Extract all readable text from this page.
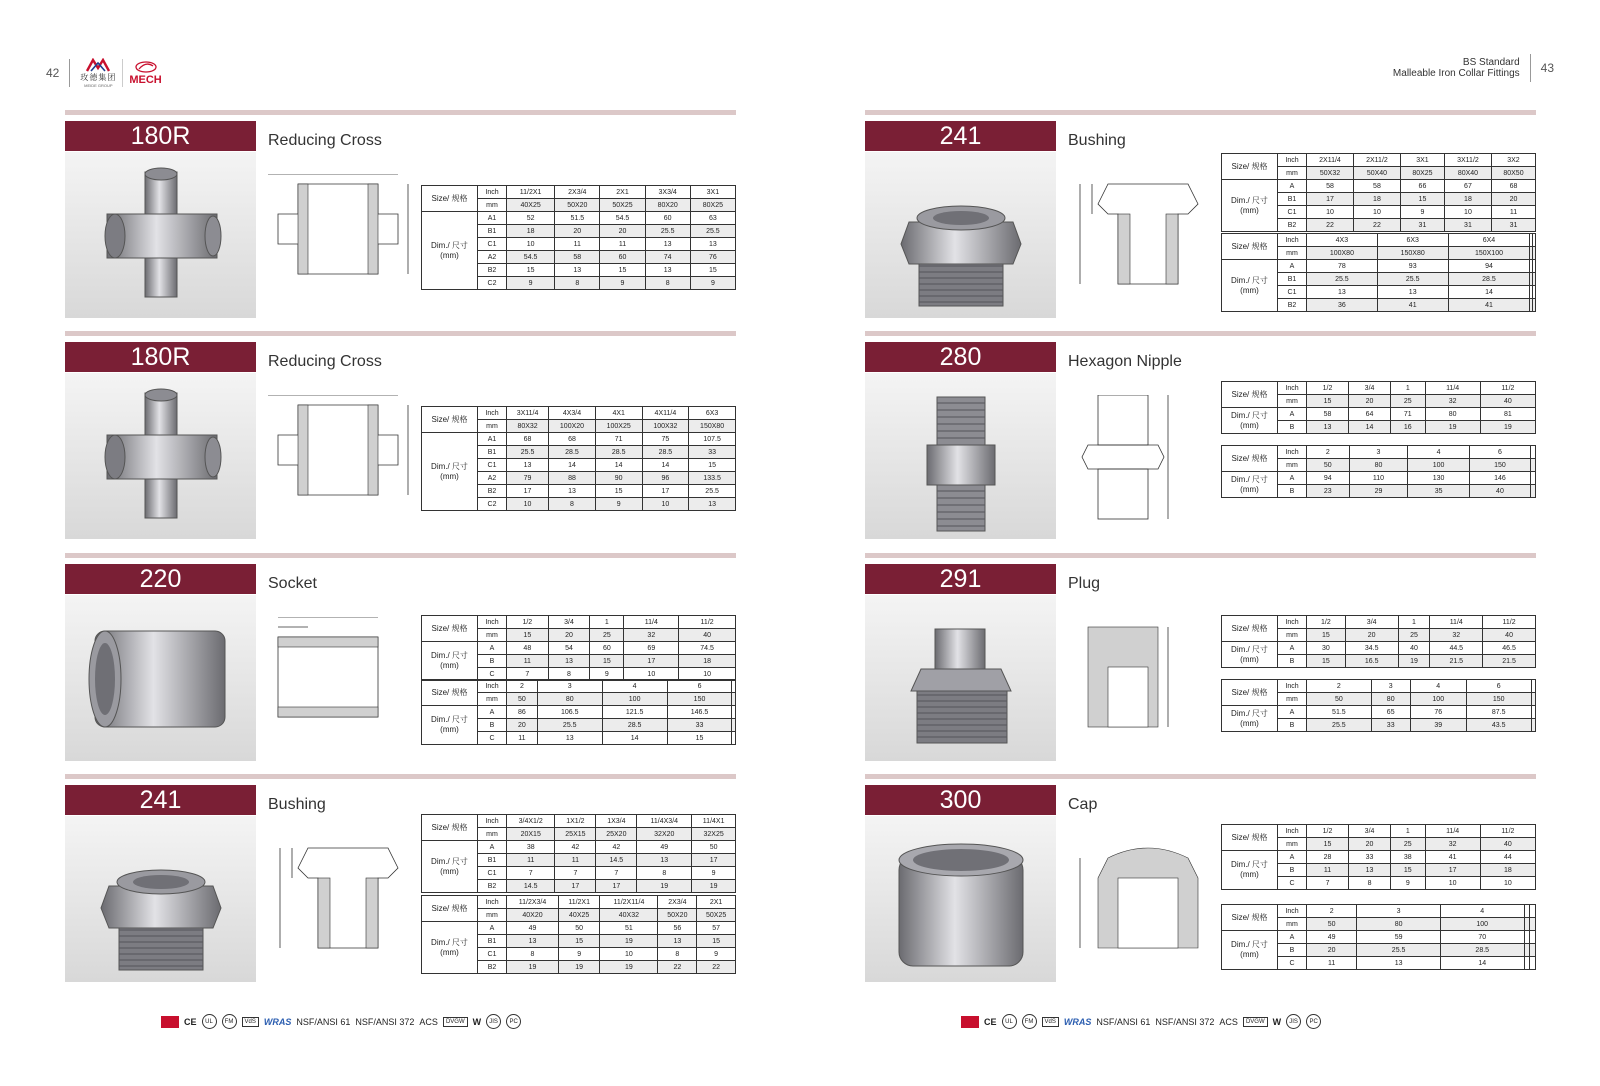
42	玫德集团
MEIDE GROUP MECH
BS Standard
Malleable Iron Collar Fittings 43
180R	Reducing Cross
Size/ 规格	Inch	11/2X1	2X3/4	2X1	3X3/4	3X1
	mm	40X25	50X20	50X25	80X20	80X25

Dim./ 尺寸
(mm)	A1	52	51.5	54.5	60	63
	B1	18	20	20	25.5	25.5
	C1	10	11	11	13	13
	A2	54.5	58	60	74	76
	B2	15	13	15	13	15
	C2	9	8	9	8	9
180R	Reducing Cross
Size/ 规格	Inch	3X11/4	4X3/4	4X1	4X11/4	6X3
	mm	80X32	100X20	100X25	100X32	150X80

Dim./ 尺寸
(mm)	A1	68	68	71	75	107.5
	B1	25.5	28.5	28.5	28.5	33
	C1	13	14	14	14	15
	A2	79	88	90	96	133.5
	B2	17	13	15	17	25.5
	C2	10	8	9	10	13
220	Socket
Size/ 规格	Inch	1/2	3/4	1	11/4	11/2
	mm	15	20	25	32	40

Dim./ 尺寸
(mm)	A	48	54	60	69	74.5
	B	11	13	15	17	18
	C	7	8	9	10	10
Size/ 规格	Inch	2	3	4	6	
	mm	50	80	100	150	

Dim./ 尺寸
(mm)	A	86	106.5	121.5	146.5	
	B	20	25.5	28.5	33	
	C	11	13	14	15	
241	Bushing
Size/ 规格	Inch	3/4X1/2	1X1/2	1X3/4	11/4X3/4	11/4X1
	mm	20X15	25X15	25X20	32X20	32X25

Dim./ 尺寸
(mm)	A	38	42	42	49	50
	B1	11	11	14.5	13	17
	C1	7	7	7	8	9
	B2	14.5	17	17	19	19
Size/ 规格	Inch	11/2X3/4	11/2X1	11/2X11/4	2X3/4	2X1
	mm	40X20	40X25	40X32	50X20	50X25

Dim./ 尺寸
(mm)	A	49	50	51	56	57
	B1	13	15	19	13	15
	C1	8	9	10	8	9
	B2	19	19	19	22	22
241	Bushing
Size/ 规格	Inch	2X11/4	2X11/2	3X1	3X11/2	3X2
	mm	50X32	50X40	80X25	80X40	80X50

Dim./ 尺寸
(mm)	A	58	58	66	67	68
	B1	17	18	15	18	20
	C1	10	10	9	10	11
	B2	22	22	31	31	31
Size/ 规格	Inch	4X3	6X3	6X4		
	mm	100X80	150X80	150X100		

Dim./ 尺寸
(mm)	A	78	93	94		
	B1	25.5	25.5	28.5		
	C1	13	13	14		
	B2	36	41	41		
280	Hexagon Nipple
Size/ 规格	Inch	1/2	3/4	1	11/4	11/2
	mm	15	20	25	32	40

Dim./ 尺寸
(mm)	A	58	64	71	80	81
	B	13	14	16	19	19
Size/ 规格	Inch	2	3	4	6	
	mm	50	80	100	150	

Dim./ 尺寸
(mm)	A	94	110	130	146	
	B	23	29	35	40	
291	Plug
Size/ 规格	Inch	1/2	3/4	1	11/4	11/2
	mm	15	20	25	32	40

Dim./ 尺寸
(mm)	A	30	34.5	40	44.5	46.5
	B	15	16.5	19	21.5	21.5
Size/ 规格	Inch	2	3	4	6	
	mm	50	80	100	150	

Dim./ 尺寸
(mm)	A	51.5	65	76	87.5	
	B	25.5	33	39	43.5	
300	Cap
Size/ 规格	Inch	1/2	3/4	1	11/4	11/2
	mm	15	20	25	32	40

Dim./ 尺寸
(mm)	A	28	33	38	41	44
	B	11	13	15	17	18
	C	7	8	9	10	10
Size/ 规格	Inch	2	3	4		
	mm	50	80	100		

Dim./ 尺寸
(mm)	A	49	59	70		
	B	20	25.5	28.5		
	C	11	13	14		
CE	UL	FM	VdS WRAS NSF/ANSI 61 NSF/ANSI 372 ACS	DVGW W	JIS	PC	CE	UL	FM	VdS WRAS NSF/ANSI 61 NSF/ANSI 372 ACS	DVGW W	JIS	PC
